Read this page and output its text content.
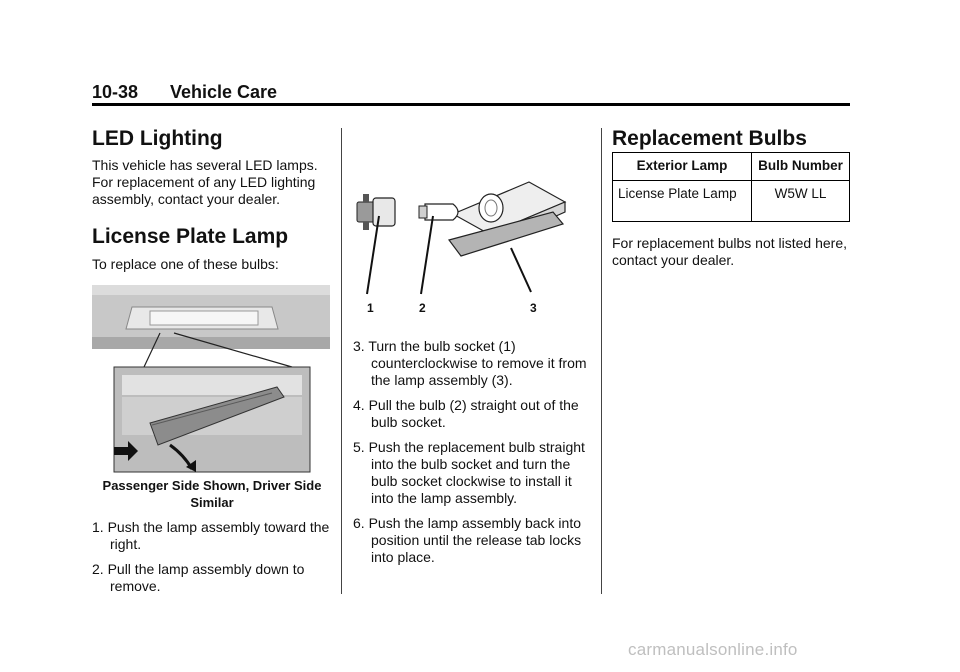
10-38 Vehicle Care
LED Lighting

This vehicle has several LED lamps. For replacement of any LED lighting assembly, contact your dealer.

License Plate Lamp

To replace one of these bulbs:

Passenger Side Shown, Driver Side Similar

1. Push the lamp assembly toward the right.
2. Pull the lamp assembly down to remove.
1	2	3
3. Turn the bulb socket (1) counterclockwise to remove it from the lamp assembly (3).
4. Pull the bulb (2) straight out of the bulb socket.
5. Push the replacement bulb straight into the bulb socket and turn the bulb socket clockwise to install it into the lamp assembly.
6. Push the lamp assembly back into position until the release tab locks into place.
Replacement Bulbs
Exterior Lamp	Bulb Number
License Plate Lamp	W5W LL

For replacement bulbs not listed here, contact your dealer.

carmanualsonline.info
